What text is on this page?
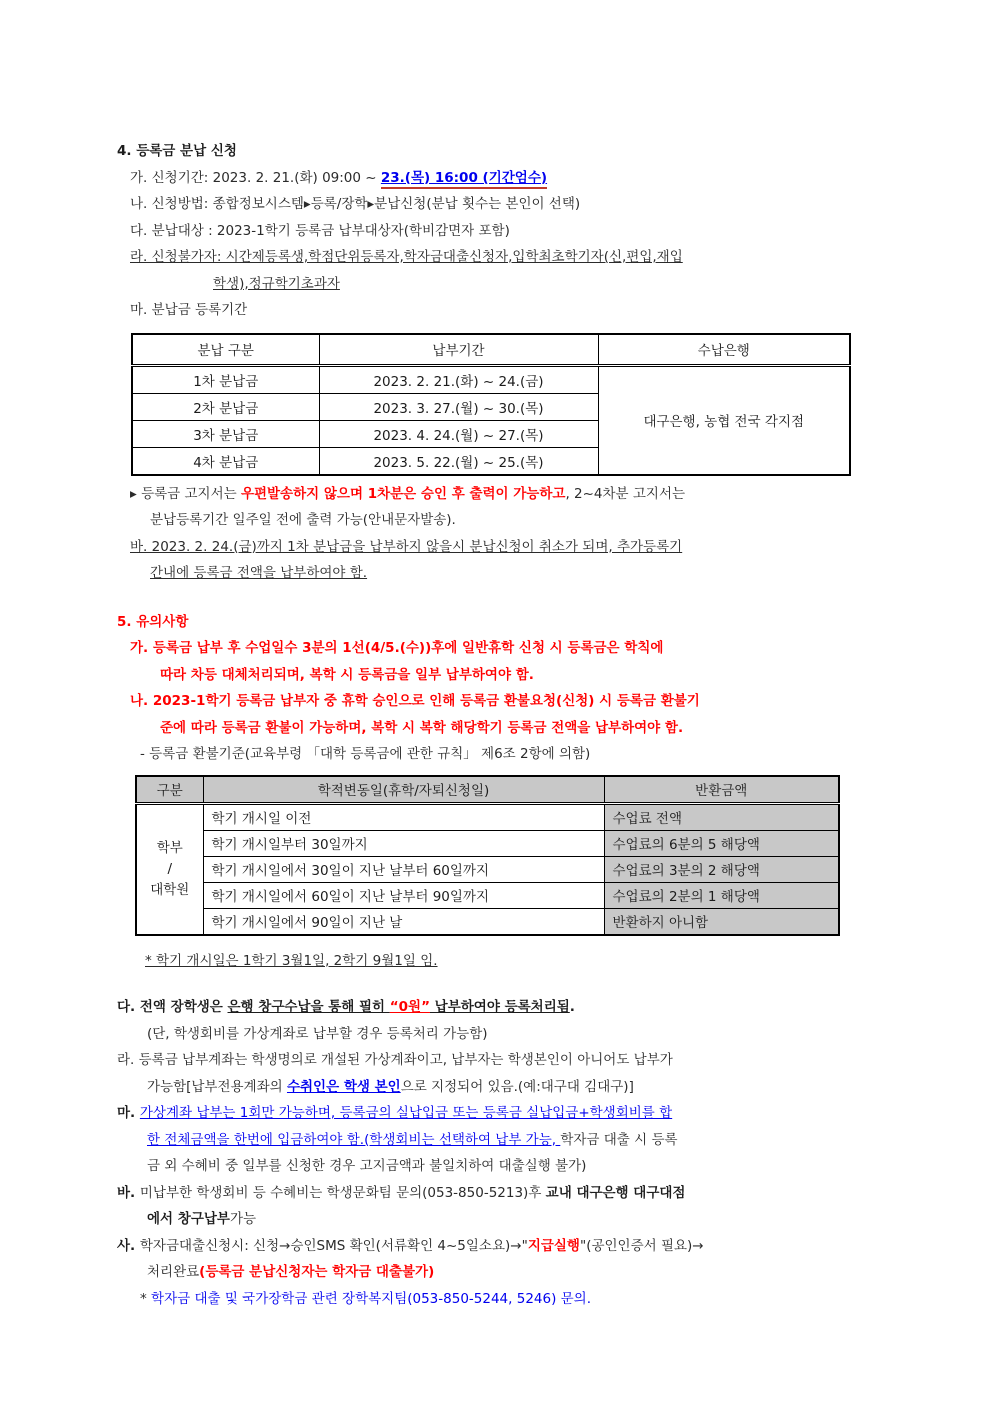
4. 등록금 분납 신청
가. 신청기간: 2023. 2. 21.(화) 09:00 ~ 23.(목) 16:00 (기간엄수)
나. 신청방법: 종합정보시스템▸등록/장학▸분납신청(분납 횟수는 본인이 선택)
다. 분납대상 : 2023-1학기 등록금 납부대상자(학비감면자 포함)
라. 신청불가자: 시간제등록생,학점단위등록자,학자금대출신청자,입학최초학기자(신,편입,재입
학생),정규학기초과자
마. 분납금 등록기간
분납 구분	납부기간	수납은행
1차 분납금	2023. 2. 21.(화) ~ 24.(금)	대구은행, 농협 전국 각지점
2차 분납금	2023. 3. 27.(월) ~ 30.(목)	
3차 분납금	2023. 4. 24.(월) ~ 27.(목)	
4차 분납금	2023. 5. 22.(월) ~ 25.(목)	
▸ 등록금 고지서는 우편발송하지 않으며 1차분은 승인 후 출력이 가능하고, 2~4차분 고지서는
분납등록기간 일주일 전에 출력 가능(안내문자발송).
바. 2023. 2. 24.(금)까지 1차 분납금을 납부하지 않을시 분납신청이 취소가 되며, 추가등록기
간내에 등록금 전액을 납부하여야 함.
5. 유의사항
가. 등록금 납부 후 수업일수 3분의 1선(4/5.(수))후에 일반휴학 신청 시 등록금은 학칙에
따라 차등 대체처리되며, 복학 시 등록금을 일부 납부하여야 함.
나. 2023-1학기 등록금 납부자 중 휴학 승인으로 인해 등록금 환불요청(신청) 시 등록금 환불기
준에 따라 등록금 환불이 가능하며, 복학 시 복학 해당학기 등록금 전액을 납부하여야 함.
- 등록금 환불기준(교육부령 「대학 등록금에 관한 규칙」 제6조 2항에 의함)
구분	학적변동일(휴학/자퇴신청일)	반환금액

학부
/
대학원	학기 개시일 이전	수업료 전액
	학기 개시일부터 30일까지	수업료의 6분의 5 해당액
	학기 개시일에서 30일이 지난 날부터 60일까지	수업료의 3분의 2 해당액
	학기 개시일에서 60일이 지난 날부터 90일까지	수업료의 2분의 1 해당액
	학기 개시일에서 90일이 지난 날	반환하지 아니함
* 학기 개시일은 1학기 3월1일, 2학기 9월1일 임.
다. 전액 장학생은 은행 창구수납을 통해 필히 “0원” 납부하여야 등록처리됨.
(단, 학생회비를 가상계좌로 납부할 경우 등록처리 가능함)
라. 등록금 납부계좌는 학생명의로 개설된 가상계좌이고, 납부자는 학생본인이 아니어도 납부가
가능함[납부전용계좌의 수취인은 학생 본인으로 지정되어 있음.(예:대구대 김대구)]
마. 가상계좌 납부는 1회만 가능하며, 등록금의 실납입금 또는 등록금 실납입금+학생회비를 합
한 전체금액을 한번에 입금하여야 함.(학생회비는 선택하여 납부 가능, 학자금 대출 시 등록
금 외 수혜비 중 일부를 신청한 경우 고지금액과 불일치하여 대출실행 불가)
바. 미납부한 학생회비 등 수혜비는 학생문화팀 문의(053-850-5213)후 교내 대구은행 대구대점
에서 창구납부가능
사. 학자금대출신청시: 신청→승인SMS 확인(서류확인 4~5일소요)→"지급실행"(공인인증서 필요)→
처리완료(등록금 분납신청자는 학자금 대출불가)
* 학자금 대출 및 국가장학금 관련 장학복지팀(053-850-5244, 5246) 문의.
